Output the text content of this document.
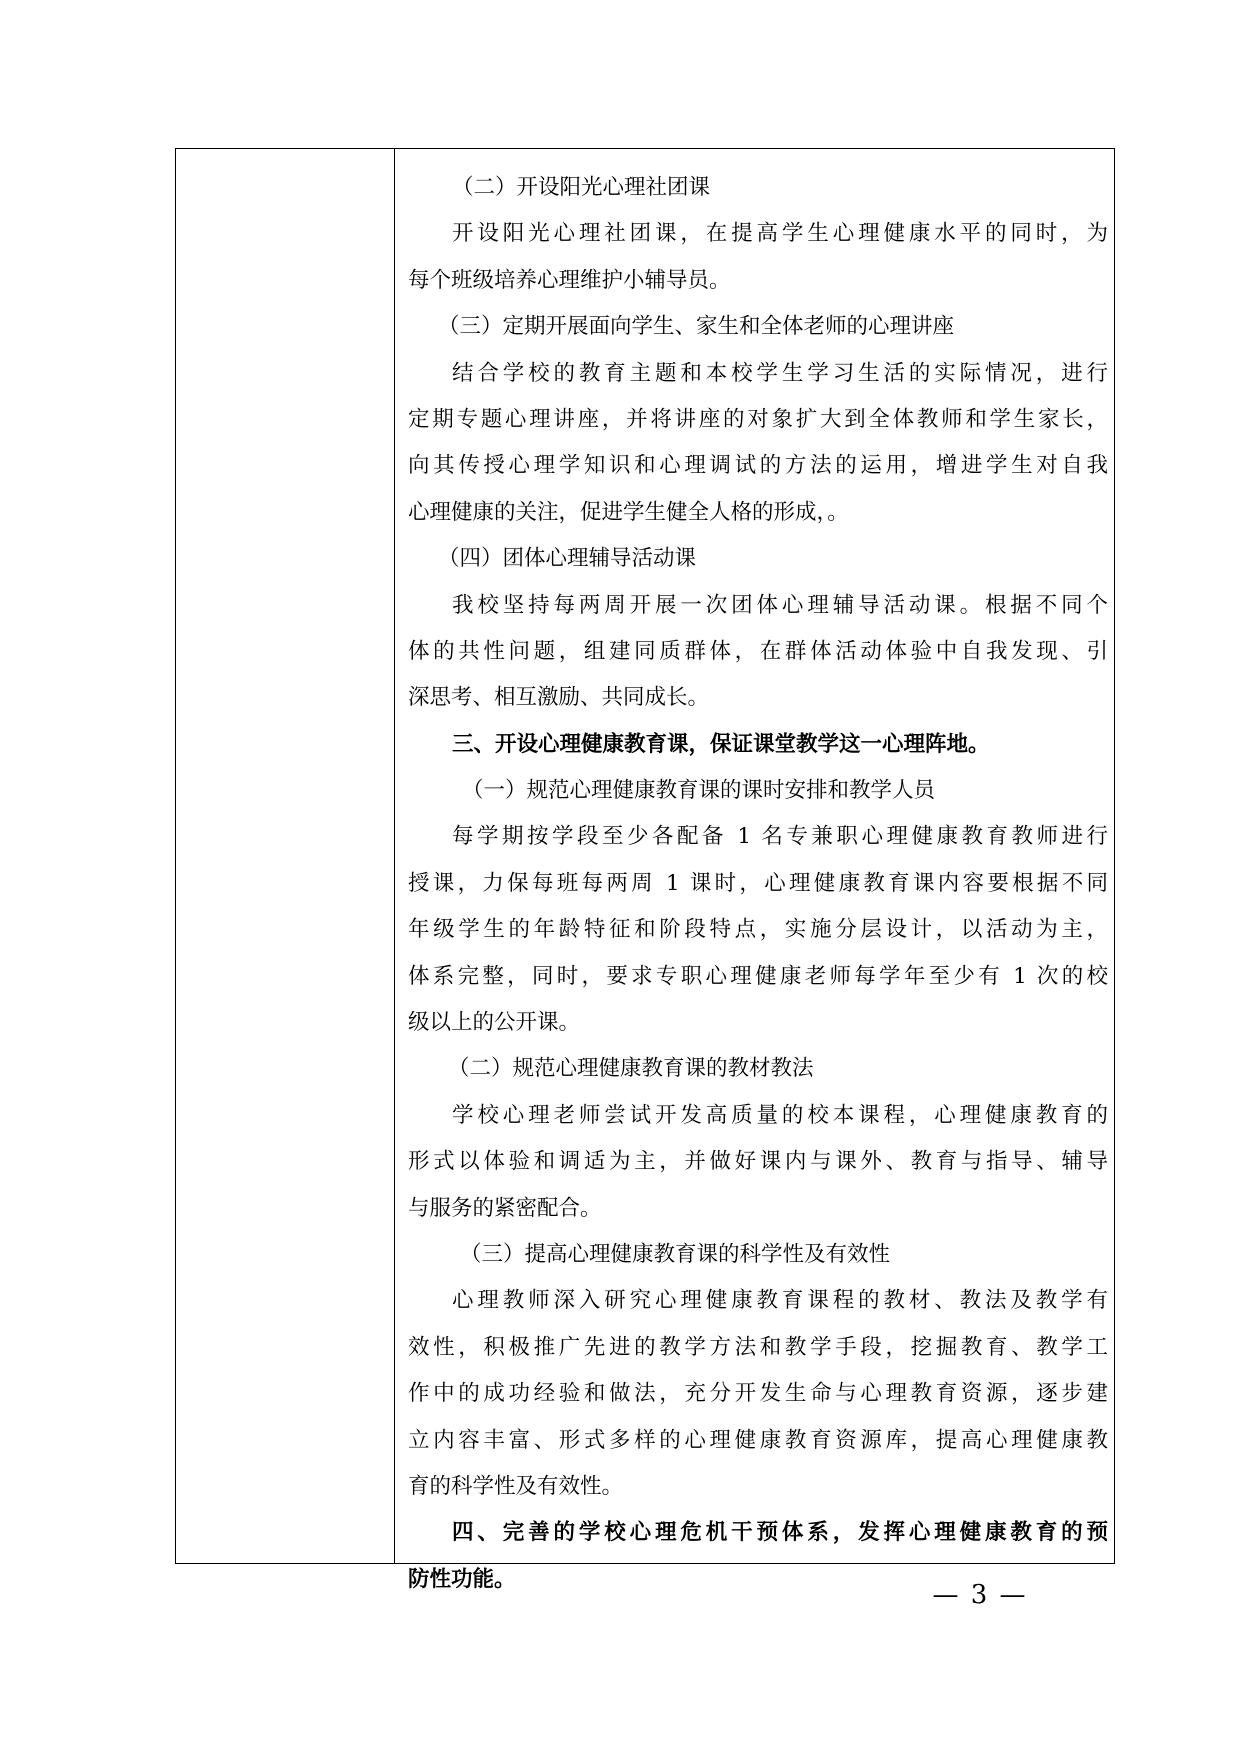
（二）开设阳光心理社团课
开设阳光心理社团课，在提高学生心理健康水平的同时，为
每个班级培养心理维护小辅导员。
（三）定期开展面向学生、家生和全体老师的心理讲座
结合学校的教育主题和本校学生学习生活的实际情况，进行
定期专题心理讲座，并将讲座的对象扩大到全体教师和学生家长，
向其传授心理学知识和心理调试的方法的运用，增进学生对自我
心理健康的关注，促进学生健全人格的形成，。
（四）团体心理辅导活动课
我校坚持每两周开展一次团体心理辅导活动课。根据不同个
体的共性问题，组建同质群体，在群体活动体验中自我发现、引
深思考、相互激励、共同成长。
三、开设心理健康教育课，保证课堂教学这一心理阵地。
（一）规范心理健康教育课的课时安排和教学人员
每学期按学段至少各配备 1 名专兼职心理健康教育教师进行
授课，力保每班每两周 1 课时，心理健康教育课内容要根据不同
年级学生的年龄特征和阶段特点，实施分层设计，以活动为主，
体系完整，同时，要求专职心理健康老师每学年至少有 1 次的校
级以上的公开课。
（二）规范心理健康教育课的教材教法
学校心理老师尝试开发高质量的校本课程，心理健康教育的
形式以体验和调适为主，并做好课内与课外、教育与指导、辅导
与服务的紧密配合。
（三）提高心理健康教育课的科学性及有效性
心理教师深入研究心理健康教育课程的教材、教法及教学有
效性，积极推广先进的教学方法和教学手段，挖掘教育、教学工
作中的成功经验和做法，充分开发生命与心理教育资源，逐步建
立内容丰富、形式多样的心理健康教育资源库，提高心理健康教
育的科学性及有效性。
四、完善的学校心理危机干预体系，发挥心理健康教育的预
防性功能。
— 3 —
